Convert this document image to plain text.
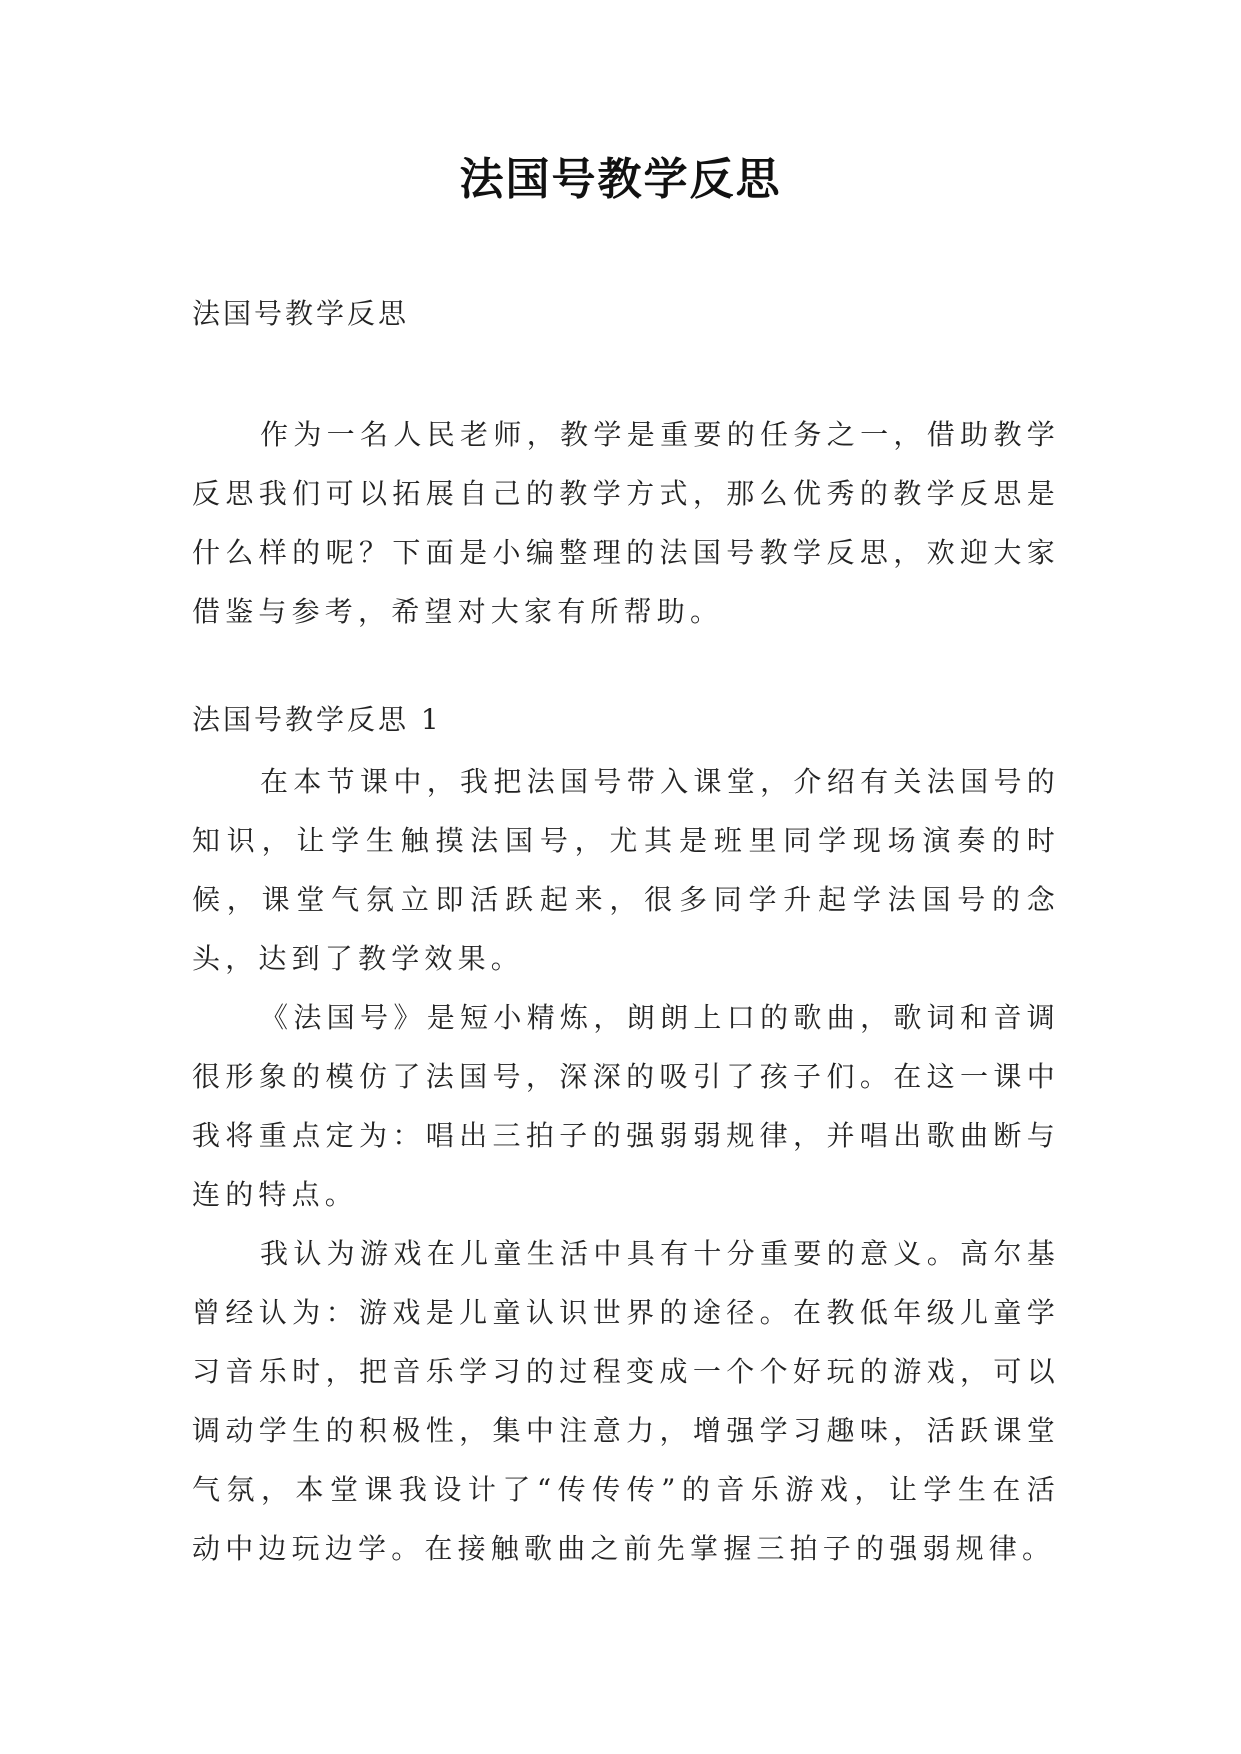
法国号教学反思
法国号教学反思

作为一名人民老师，教学是重要的任务之一，借助教学反思我们可以拓展自己的教学方式，那么优秀的教学反思是什么样的呢？下面是小编整理的法国号教学反思，欢迎大家借鉴与参考，希望对大家有所帮助。

法国号教学反思 1

在本节课中，我把法国号带入课堂，介绍有关法国号的知识，让学生触摸法国号，尤其是班里同学现场演奏的时候，课堂气氛立即活跃起来，很多同学升起学法国号的念头，达到了教学效果。

《法国号》是短小精炼，朗朗上口的歌曲，歌词和音调很形象的模仿了法国号，深深的吸引了孩子们。在这一课中我将重点定为：唱出三拍子的强弱弱规律，并唱出歌曲断与连的特点。

我认为游戏在儿童生活中具有十分重要的意义。高尔基曾经认为：游戏是儿童认识世界的途径。在教低年级儿童学习音乐时，把音乐学习的过程变成一个个好玩的游戏，可以调动学生的积极性，集中注意力，增强学习趣味，活跃课堂气氛，本堂课我设计了“传传传”的音乐游戏，让学生在活动中边玩边学。在接触歌曲之前先掌握三拍子的强弱规律。
